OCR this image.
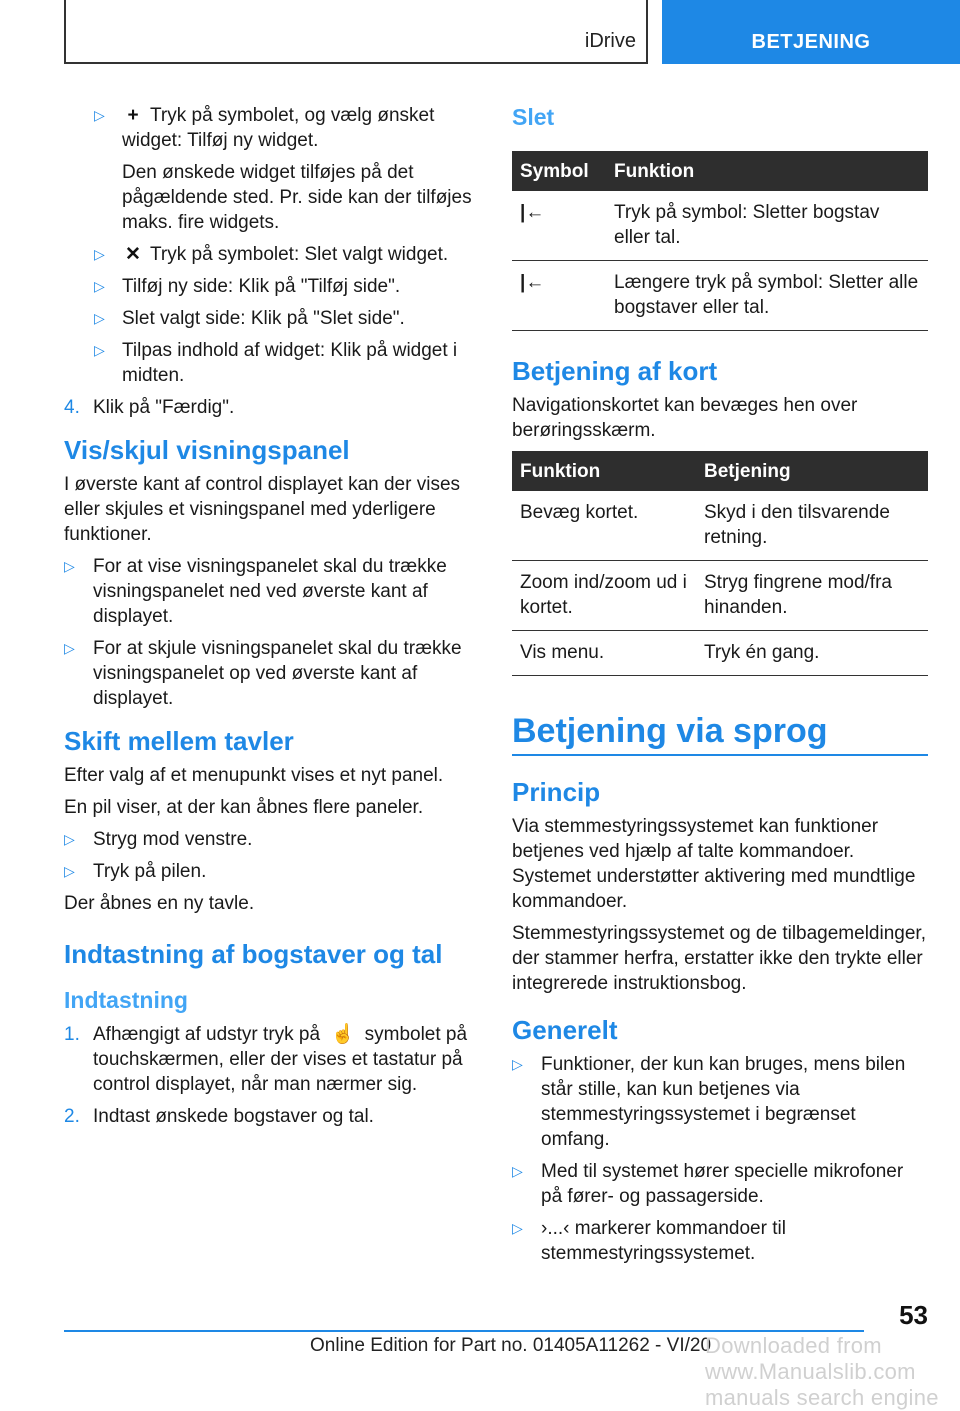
iDrive	BETJENING
▷ + Tryk på symbolet, og vælg ønsket widget: Tilføj ny widget.
Den ønskede widget tilføjes på det pågældende sted. Pr. side kan der tilføjes maks. fire widgets.
▷ ✕ Tryk på symbolet: Slet valgt widget.
▷ Tilføj ny side: Klik på "Tilføj side".
▷ Slet valgt side: Klik på "Slet side".
▷ Tilpas indhold af widget: Klik på widget i midten.
4. Klik på "Færdig".
Vis/skjul visningspanel

I øverste kant af control displayet kan der vises eller skjules et visningspanel med yderligere funktioner.

▷ For at vise visningspanelet skal du trække visningspanelet ned ved øverste kant af displayet.
▷ For at skjule visningspanelet skal du trække visningspanelet op ved øverste kant af displayet.
Skift mellem tavler

Efter valg af et menupunkt vises et nyt panel.

En pil viser, at der kan åbnes flere paneler.

▷ Stryg mod venstre.
▷ Tryk på pilen.

Der åbnes en ny tavle.

Indtastning af bogstaver og tal
Indtastning
1. Afhængigt af udstyr tryk på ☝ symbolet på touchskærmen, eller der vises et tastatur på control displayet, når man nærmer sig.
2. Indtast ønskede bogstaver og tal.
Slet
Symbol	Funktion
|←	Tryk på symbol: Sletter bogstav eller tal.
|←	Længere tryk på symbol: Sletter alle bogstaver eller tal.
Betjening af kort

Navigationskortet kan bevæges hen over berøringsskærm.

Funktion	Betjening
Bevæg kortet.	Skyd i den tilsvarende retning.
Zoom ind/zoom ud i kortet.	Stryg fingrene mod/fra hinanden.
Vis menu.	Tryk én gang.
Betjening via sprog
Princip

Via stemmestyringssystemet kan funktioner betjenes ved hjælp af talte kommandoer. Systemet understøtter aktivering med mundtlige kommandoer.

Stemmestyringssystemet og de tilbagemeldinger, der stammer herfra, erstatter ikke den trykte eller integrerede instruktionsbog.

Generelt
▷ Funktioner, der kun kan bruges, mens bilen står stille, kan kun betjenes via stemmestyringssystemet i begrænset omfang.
▷ Med til systemet hører specielle mikrofoner på fører- og passagerside.
▷ ›...‹ markerer kommandoer til stemmestyringssystemet.
53
Online Edition for Part no. 01405A11262 - VI/20
Downloaded from www.Manualslib.com manuals search engine
